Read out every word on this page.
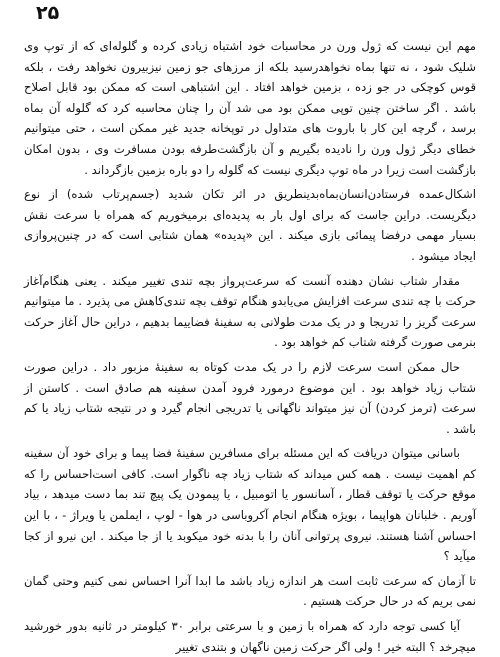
۲۵

مهم این نیست که ژول ورن در محاسبات خود اشتباه زیادی کرده و گلوله‌ای که از توپ وی شلیک شود ، نه تنها بماه نخواهدرسید بلکه از مرزهای جو زمین نیزبیرون نخواهد رفت ، بلکه قوس کوچکی در جو زده ، بزمین خواهد افتاد . این اشتباهی است که ممکن بود قابل اصلاح باشد . اگر ساختن چنین توپی ممکن بود می شد آن را چنان محاسبه کرد که گلوله آن بماه برسد ، گرچه این کار با باروت های متداول در توپخانه جدید غیر ممکن است ، حتی میتوانیم خطای دیگر ژول ورن را نادیده بگیریم و آن بازگشت‌طرفه بودن مسافرت وی ، بدون امکان بازگشت است زیرا در ماه توپ دیگری نیست که گلوله را دو باره بزمین بازگرداند .

اشکال‌عمده فرستادن‌انسان‌بماه‌بدینطریق در اثر تکان شدید (جسم‌پرتاب شده) از نوع دیگریست. دراین جاست که برای اول بار به پدیده‌ای برمیخوریم که همراه با سرعت نقش بسیار مهمی درفضا پیمائی بازی میکند . این «پدیده» همان شتابی است که در چنین‌پروازی ایجاد میشود .

مقدار شتاب نشان دهنده آنست که سرعت‌پرواز بچه تندی تغییر میکند . یعنی هنگام‌آغاز حرکت با چه تندی سرعت افزایش می‌یابدو هنگام توقف بچه تندی‌کاهش می پذیرد . ما میتوانیم سرعت گریز را تدریجا و در یک مدت طولانی به سفینهٔ فضاییما بدهیم ، دراین حال آغاز حرکت بنرمی صورت گرفته شتاب کم خواهد بود .

حال ممکن است سرعت لازم را در یک مدت کوتاه به سفینهٔ مزبور داد . دراین صورت شتاب زیاد خواهد بود . این موضوع درمورد فرود آمدن سفینه هم صادق است . کاستن از سرعت (ترمز کردن) آن نیز میتواند ناگهانی یا تدریجی انجام گیرد و در نتیجه شتاب زیاد یا کم باشد .

باسانی میتوان دریافت که این مسئله برای مسافرین سفینهٔ فضا پیما و برای خود آن سفینه کم اهمیت نیست . همه کس میداند که شتاب زیاد چه ناگوار است. کافی است‌احساس را که موقع حرکت یا توقف قطار ، آسانسور یا اتومبیل ، یا پیمودن یک پیچ تند بما دست میدهد ، بیاد آوریم . خلبانان هواپیما ، بویژه هنگام انجام آکروباسی در هوا - لوپ ، ایملمن یا ویراژ - ، با این احساس آشنا هستند. نیروی پرتوانی آنان را با بدنه خود میکوبد یا از جا میکند . این نیرو از کجا میآید ؟

تا آزمان که سرعت ثابت است هر اندازه زیاد باشد ما ابدا آنرا احساس نمی کنیم وحتی گمان نمی بریم که در حال حرکت هستیم .

آیا کسی توجه دارد که همراه با زمین و با سرعتی برابر ۳۰ کیلومتر در ثانیه بدور خورشید میچرخد ؟ البته خیر ! ولی اگر حرکت زمین ناگهان و بتندی تغییر
